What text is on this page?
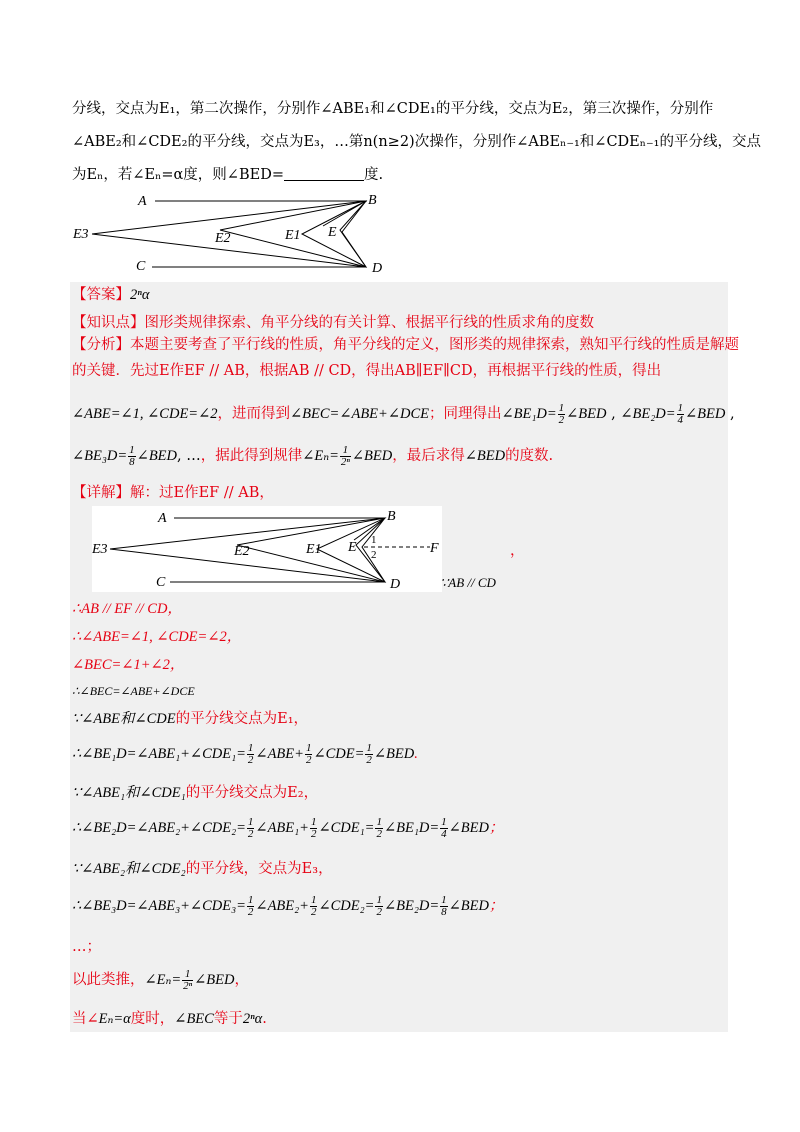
分线，交点为E₁，第二次操作，分别作∠ABE₁和∠CDE₁的平分线，交点为E₂，第三次操作，分别作
∠ABE₂和∠CDE₂的平分线，交点为E₃，…第n(n≥2)次操作，分别作∠ABEₙ₋₁和∠CDEₙ₋₁的平分线，交点
为Eₙ，若∠Eₙ=α度，则∠BED=	度.
A	B
C	D
E3	E2	E1 E
【答案】2ⁿα
【知识点】图形类规律探索、角平分线的有关计算、根据平行线的性质求角的度数
【分析】本题主要考查了平行线的性质，角平分线的定义，图形类的规律探索，熟知平行线的性质是解题
的关键．先过E作EF // AB，根据AB // CD，得出AB∥EF∥CD，再根据平行线的性质，得出
∠ABE=∠1, ∠CDE=∠2，进而得到∠BEC=∠ABE+∠DCE；同理得出∠BE₁D= $\frac{1}{2}$ ∠BED , ∠BE₂D= $\frac{1}{4}$ ∠BED ,
∠BE₃D= $\frac{1}{8}$ ∠BED, …，据此得到规律∠Eₙ= $\frac{1}{\text{2ⁿ}}$ ∠BED，最后求得∠BED的度数.
【详解】解：过E作EF // AB，
A	B
C	D
E3	E2	E1 E	F
1
2	，
∵AB // CD
∴AB // EF // CD，
∴∠ABE=∠1, ∠CDE=∠2，
∠BEC=∠1+∠2，
∴∠BEC=∠ABE+∠DCE
∵∠ABE和∠CDE的平分线交点为E₁，
∴∠BE₁D=∠ABE₁+∠CDE₁= $\frac{1}{2}$ ∠ABE+ $\frac{1}{2}$ ∠CDE= $\frac{1}{2}$ ∠BED.
∵∠ABE₁和∠CDE₁的平分线交点为E₂，
∴∠BE₂D=∠ABE₂+∠CDE₂= $\frac{1}{2}$ ∠ABE₁+ $\frac{1}{2}$ ∠CDE₁= $\frac{1}{2}$ ∠BE₁D= $\frac{1}{4}$ ∠BED；
∵∠ABE₂和∠CDE₂的平分线，交点为E₃，
∴∠BE₃D=∠ABE₃+∠CDE₃= $\frac{1}{2}$ ∠ABE₂+ $\frac{1}{2}$ ∠CDE₂= $\frac{1}{2}$ ∠BE₂D= $\frac{1}{8}$ ∠BED；
…；
以此类推，∠Eₙ= $\frac{1}{\text{2ⁿ}}$ ∠BED，
当∠Eₙ=α度时，∠BEC等于2ⁿα.
